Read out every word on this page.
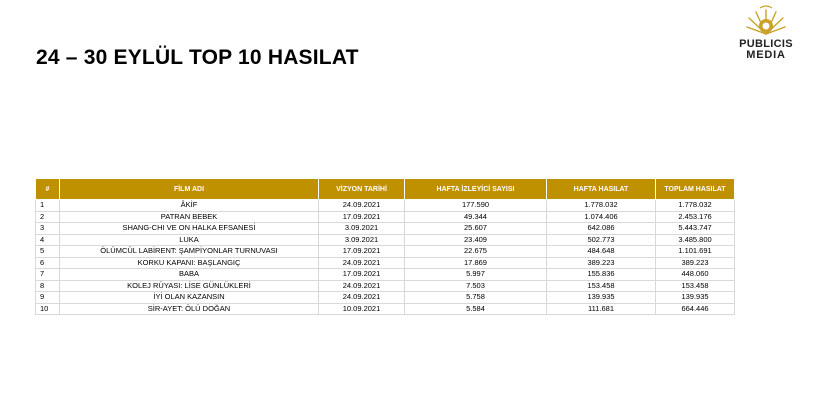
24 – 30 EYLÜL TOP 10 HASILAT
PUBLICIS
MEDIA
#	FİLM ADI	VİZYON TARİHİ	HAFTA İZLEYİCİ SAYISI	HAFTA HASILAT	TOPLAM HASILAT
1	ÂKİF	24.09.2021	177.590	1.778.032	1.778.032
2	PATRAN BEBEK	17.09.2021	49.344	1.074.406	2.453.176
3	SHANG-CHI VE ON HALKA EFSANESİ	3.09.2021	25.607	642.086	5.443.747
4	LUKA	3.09.2021	23.409	502.773	3.485.800
5	ÖLÜMCÜL LABİRENT: ŞAMPİYONLAR TURNUVASI	17.09.2021	22.675	484.648	1.101.691
6	KORKU KAPANI: BAŞLANGIÇ	24.09.2021	17.869	389.223	389.223
7	BABA	17.09.2021	5.997	155.836	448.060
8	KOLEJ RÜYASI: LİSE GÜNLÜKLERİ	24.09.2021	7.503	153.458	153.458
9	İYİ OLAN KAZANSIN	24.09.2021	5.758	139.935	139.935
10	SİR-AYET: ÖLÜ DOĞAN	10.09.2021	5.584	111.681	664.446
